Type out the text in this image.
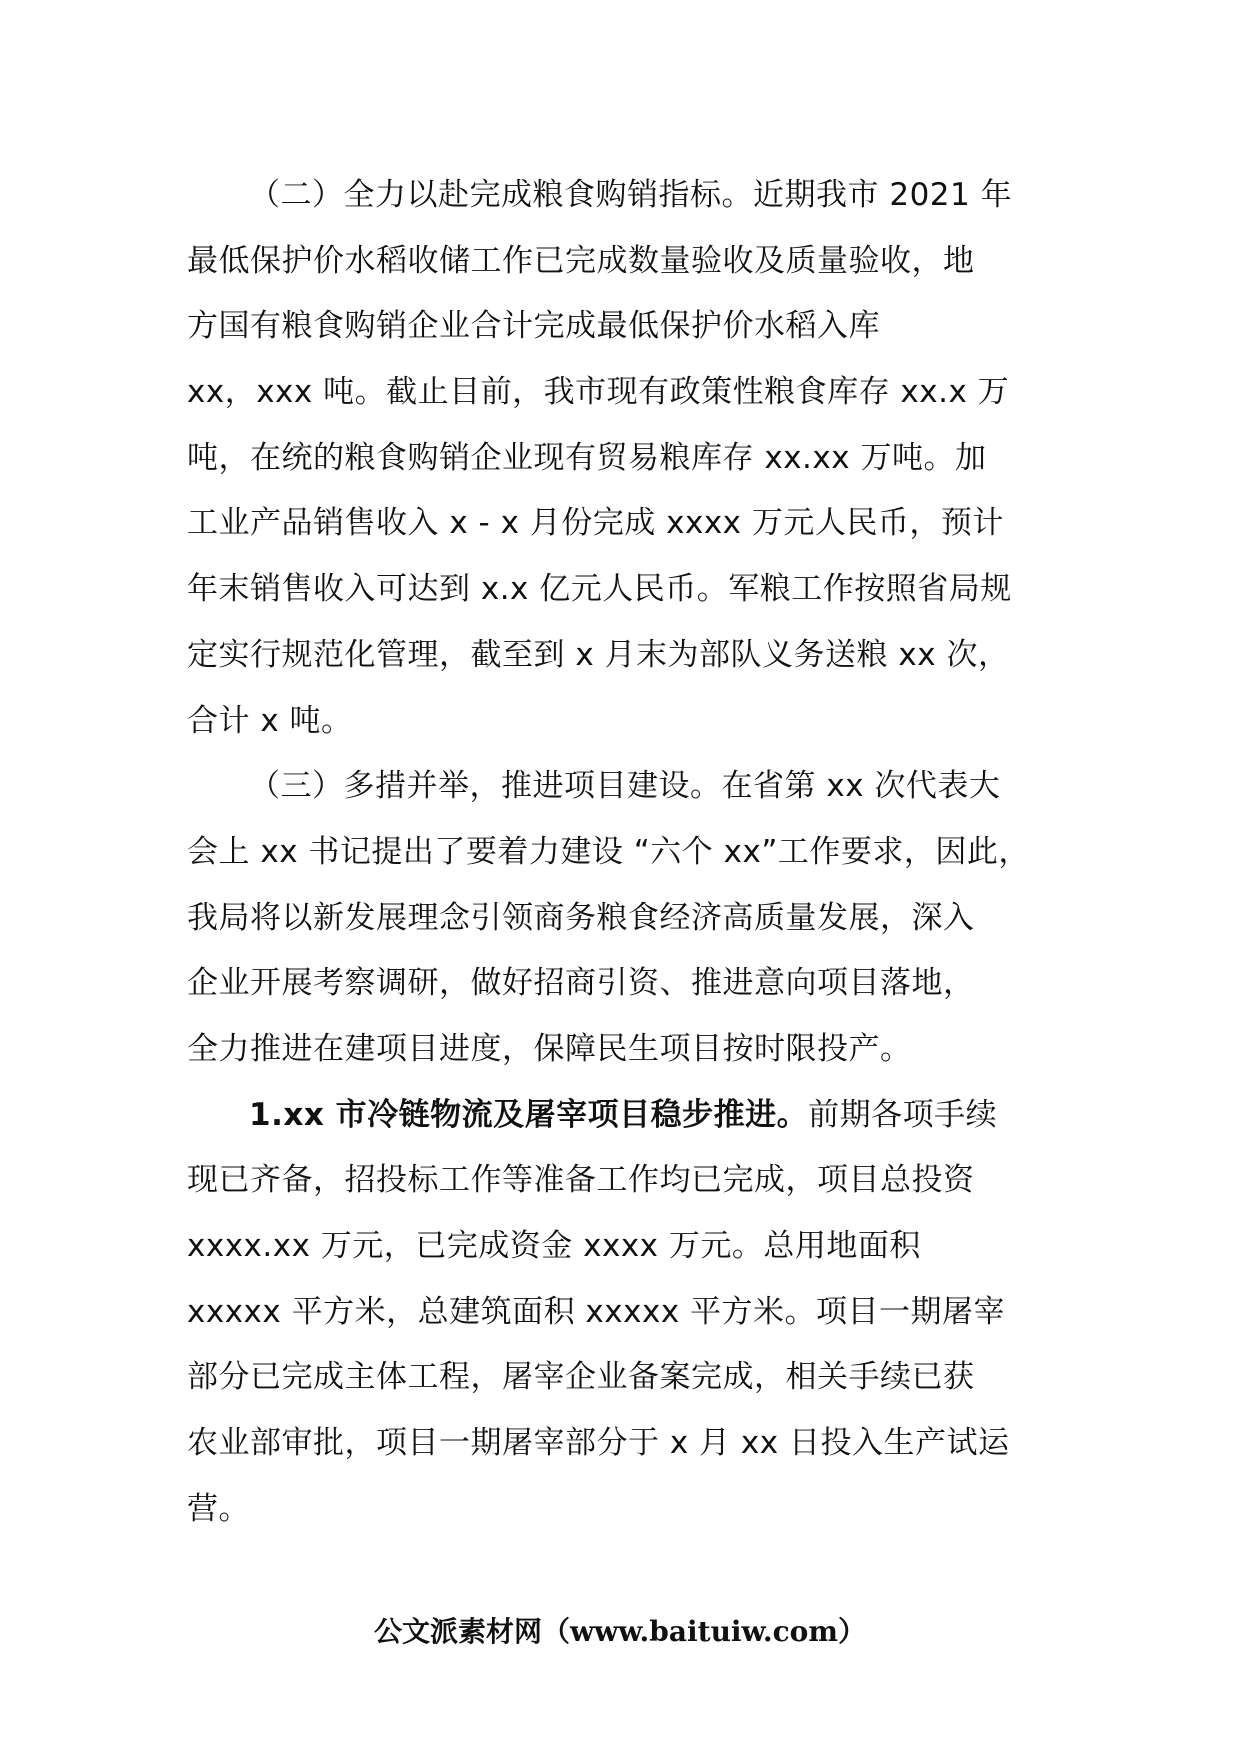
（二）全力以赴完成粮食购销指标。近期我市 2021 年
最低保护价水稻收储工作已完成数量验收及质量验收，地
方国有粮食购销企业合计完成最低保护价水稻入库
xx，xxx 吨。截止目前，我市现有政策性粮食库存 xx.x 万
吨，在统的粮食购销企业现有贸易粮库存 xx.xx 万吨。加
工业产品销售收入 x - x 月份完成 xxxx 万元人民币，预计
年末销售收入可达到 x.x 亿元人民币。军粮工作按照省局规
定实行规范化管理，截至到 x 月末为部队义务送粮 xx 次，
合计 x 吨。
（三）多措并举，推进项目建设。在省第 xx 次代表大
会上 xx 书记提出了要着力建设 “六个 xx”工作要求，因此，
我局将以新发展理念引领商务粮食经济高质量发展，深入
企业开展考察调研，做好招商引资、推进意向项目落地，
全力推进在建项目进度，保障民生项目按时限投产。
1.xx 市冷链物流及屠宰项目稳步推进。前期各项手续
现已齐备，招投标工作等准备工作均已完成，项目总投资
xxxx.xx 万元，已完成资金 xxxx 万元。总用地面积
xxxxx 平方米，总建筑面积 xxxxx 平方米。项目一期屠宰
部分已完成主体工程，屠宰企业备案完成，相关手续已获
农业部审批，项目一期屠宰部分于 x 月 xx 日投入生产试运
营。
公文派素材网（www.baituiw.com）
